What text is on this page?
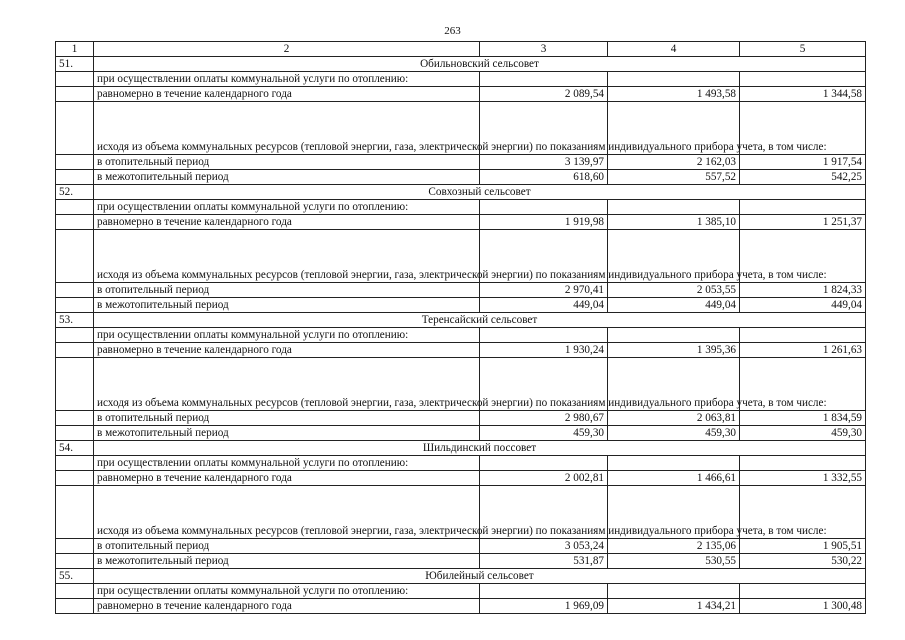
263
1	2	3	4	5
51.	Обильновский сельсовет			
	при осуществлении оплаты коммунальной услуги по отоплению:			
	равномерно в течение календарного года	2 089,54	1 493,58	1 344,58
	исходя из объема коммунальных ресурсов (тепловой энергии, газа, электрической энергии) по показаниям индивидуального прибора учета, в том числе:			
	в отопительный период	3 139,97	2 162,03	1 917,54
	в межотопительный период	618,60	557,52	542,25
52.	Совхозный сельсовет			
	при осуществлении оплаты коммунальной услуги по отоплению:			
	равномерно в течение календарного года	1 919,98	1 385,10	1 251,37
	исходя из объема коммунальных ресурсов (тепловой энергии, газа, электрической энергии) по показаниям индивидуального прибора учета, в том числе:			
	в отопительный период	2 970,41	2 053,55	1 824,33
	в межотопительный период	449,04	449,04	449,04
53.	Теренсайский сельсовет			
	при осуществлении оплаты коммунальной услуги по отоплению:			
	равномерно в течение календарного года	1 930,24	1 395,36	1 261,63
	исходя из объема коммунальных ресурсов (тепловой энергии, газа, электрической энергии) по показаниям индивидуального прибора учета, в том числе:			
	в отопительный период	2 980,67	2 063,81	1 834,59
	в межотопительный период	459,30	459,30	459,30
54.	Шильдинский поссовет			
	при осуществлении оплаты коммунальной услуги по отоплению:			
	равномерно в течение календарного года	2 002,81	1 466,61	1 332,55
	исходя из объема коммунальных ресурсов (тепловой энергии, газа, электрической энергии) по показаниям индивидуального прибора учета, в том числе:			
	в отопительный период	3 053,24	2 135,06	1 905,51
	в межотопительный период	531,87	530,55	530,22
55.	Юбилейный сельсовет			
	при осуществлении оплаты коммунальной услуги по отоплению:			
	равномерно в течение календарного года	1 969,09	1 434,21	1 300,48
